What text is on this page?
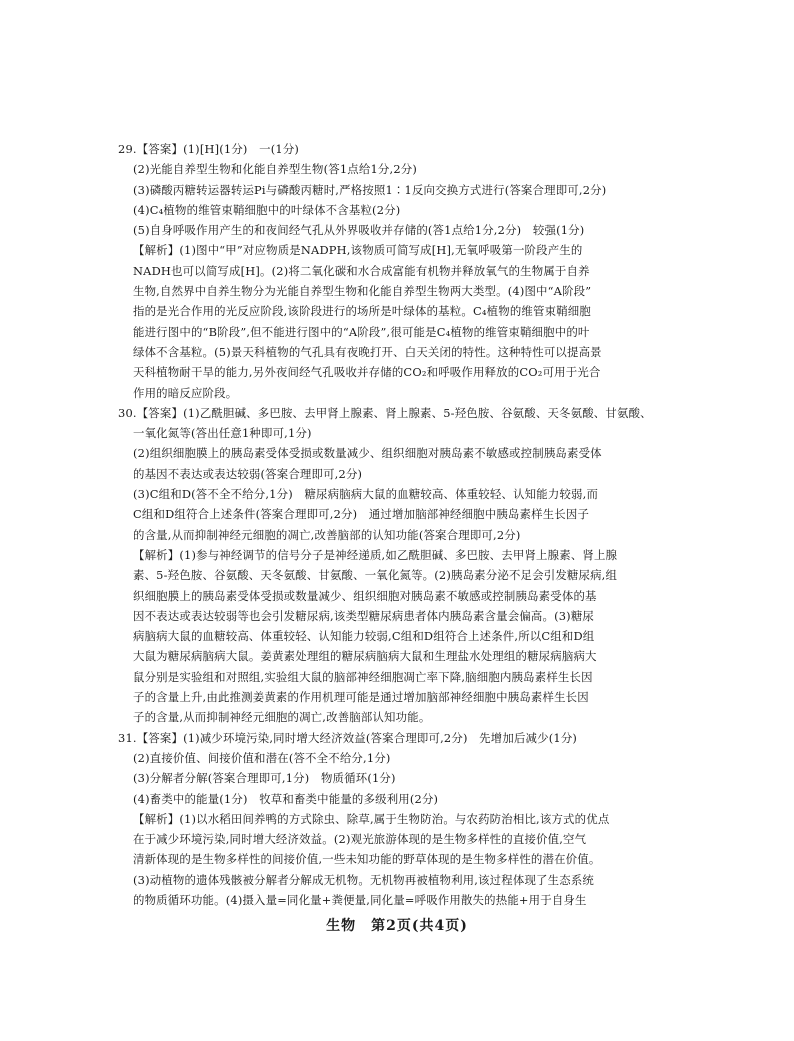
29.【答案】(1)[H](1分)　一(1分)
(2)光能自养型生物和化能自养型生物(答1点给1分,2分)
(3)磷酸丙糖转运器转运Pi与磷酸丙糖时,严格按照1∶1反向交换方式进行(答案合理即可,2分)
(4)C₄植物的维管束鞘细胞中的叶绿体不含基粒(2分)
(5)自身呼吸作用产生的和夜间经气孔从外界吸收并存储的(答1点给1分,2分)　较强(1分)
【解析】(1)图中“甲”对应物质是NADPH,该物质可简写成[H],无氧呼吸第一阶段产生的
NADH也可以简写成[H]。(2)将二氧化碳和水合成富能有机物并释放氧气的生物属于自养
生物,自然界中自养生物分为光能自养型生物和化能自养型生物两大类型。(4)图中“A阶段”
指的是光合作用的光反应阶段,该阶段进行的场所是叶绿体的基粒。C₄植物的维管束鞘细胞
能进行图中的“B阶段”,但不能进行图中的“A阶段”,很可能是C₄植物的维管束鞘细胞中的叶
绿体不含基粒。(5)景天科植物的气孔具有夜晚打开、白天关闭的特性。这种特性可以提高景
天科植物耐干旱的能力,另外夜间经气孔吸收并存储的CO₂和呼吸作用释放的CO₂可用于光合
作用的暗反应阶段。
30.【答案】(1)乙酰胆碱、多巴胺、去甲肾上腺素、肾上腺素、5-羟色胺、谷氨酸、天冬氨酸、甘氨酸、
一氧化氮等(答出任意1种即可,1分)
(2)组织细胞膜上的胰岛素受体受损或数量减少、组织细胞对胰岛素不敏感或控制胰岛素受体
的基因不表达或表达较弱(答案合理即可,2分)
(3)C组和D(答不全不给分,1分)　糖尿病脑病大鼠的血糖较高、体重较轻、认知能力较弱,而
C组和D组符合上述条件(答案合理即可,2分)　通过增加脑部神经细胞中胰岛素样生长因子
的含量,从而抑制神经元细胞的凋亡,改善脑部的认知功能(答案合理即可,2分)
【解析】(1)参与神经调节的信号分子是神经递质,如乙酰胆碱、多巴胺、去甲肾上腺素、肾上腺
素、5-羟色胺、谷氨酸、天冬氨酸、甘氨酸、一氧化氮等。(2)胰岛素分泌不足会引发糖尿病,组
织细胞膜上的胰岛素受体受损或数量减少、组织细胞对胰岛素不敏感或控制胰岛素受体的基
因不表达或表达较弱等也会引发糖尿病,该类型糖尿病患者体内胰岛素含量会偏高。(3)糖尿
病脑病大鼠的血糖较高、体重较轻、认知能力较弱,C组和D组符合上述条件,所以C组和D组
大鼠为糖尿病脑病大鼠。姜黄素处理组的糖尿病脑病大鼠和生理盐水处理组的糖尿病脑病大
鼠分别是实验组和对照组,实验组大鼠的脑部神经细胞凋亡率下降,脑细胞内胰岛素样生长因
子的含量上升,由此推测姜黄素的作用机理可能是通过增加脑部神经细胞中胰岛素样生长因
子的含量,从而抑制神经元细胞的凋亡,改善脑部认知功能。
31.【答案】(1)减少环境污染,同时增大经济效益(答案合理即可,2分)　先增加后减少(1分)
(2)直接价值、间接价值和潜在(答不全不给分,1分)
(3)分解者分解(答案合理即可,1分)　物质循环(1分)
(4)畜类中的能量(1分)　牧草和畜类中能量的多级利用(2分)
【解析】(1)以水稻田间养鸭的方式除虫、除草,属于生物防治。与农药防治相比,该方式的优点
在于减少环境污染,同时增大经济效益。(2)观光旅游体现的是生物多样性的直接价值,空气
清新体现的是生物多样性的间接价值,一些未知功能的野草体现的是生物多样性的潜在价值。
(3)动植物的遗体残骸被分解者分解成无机物。无机物再被植物利用,该过程体现了生态系统
的物质循环功能。(4)摄入量=同化量+粪便量,同化量=呼吸作用散失的热能+用于自身生
生物　第2页(共4页)
